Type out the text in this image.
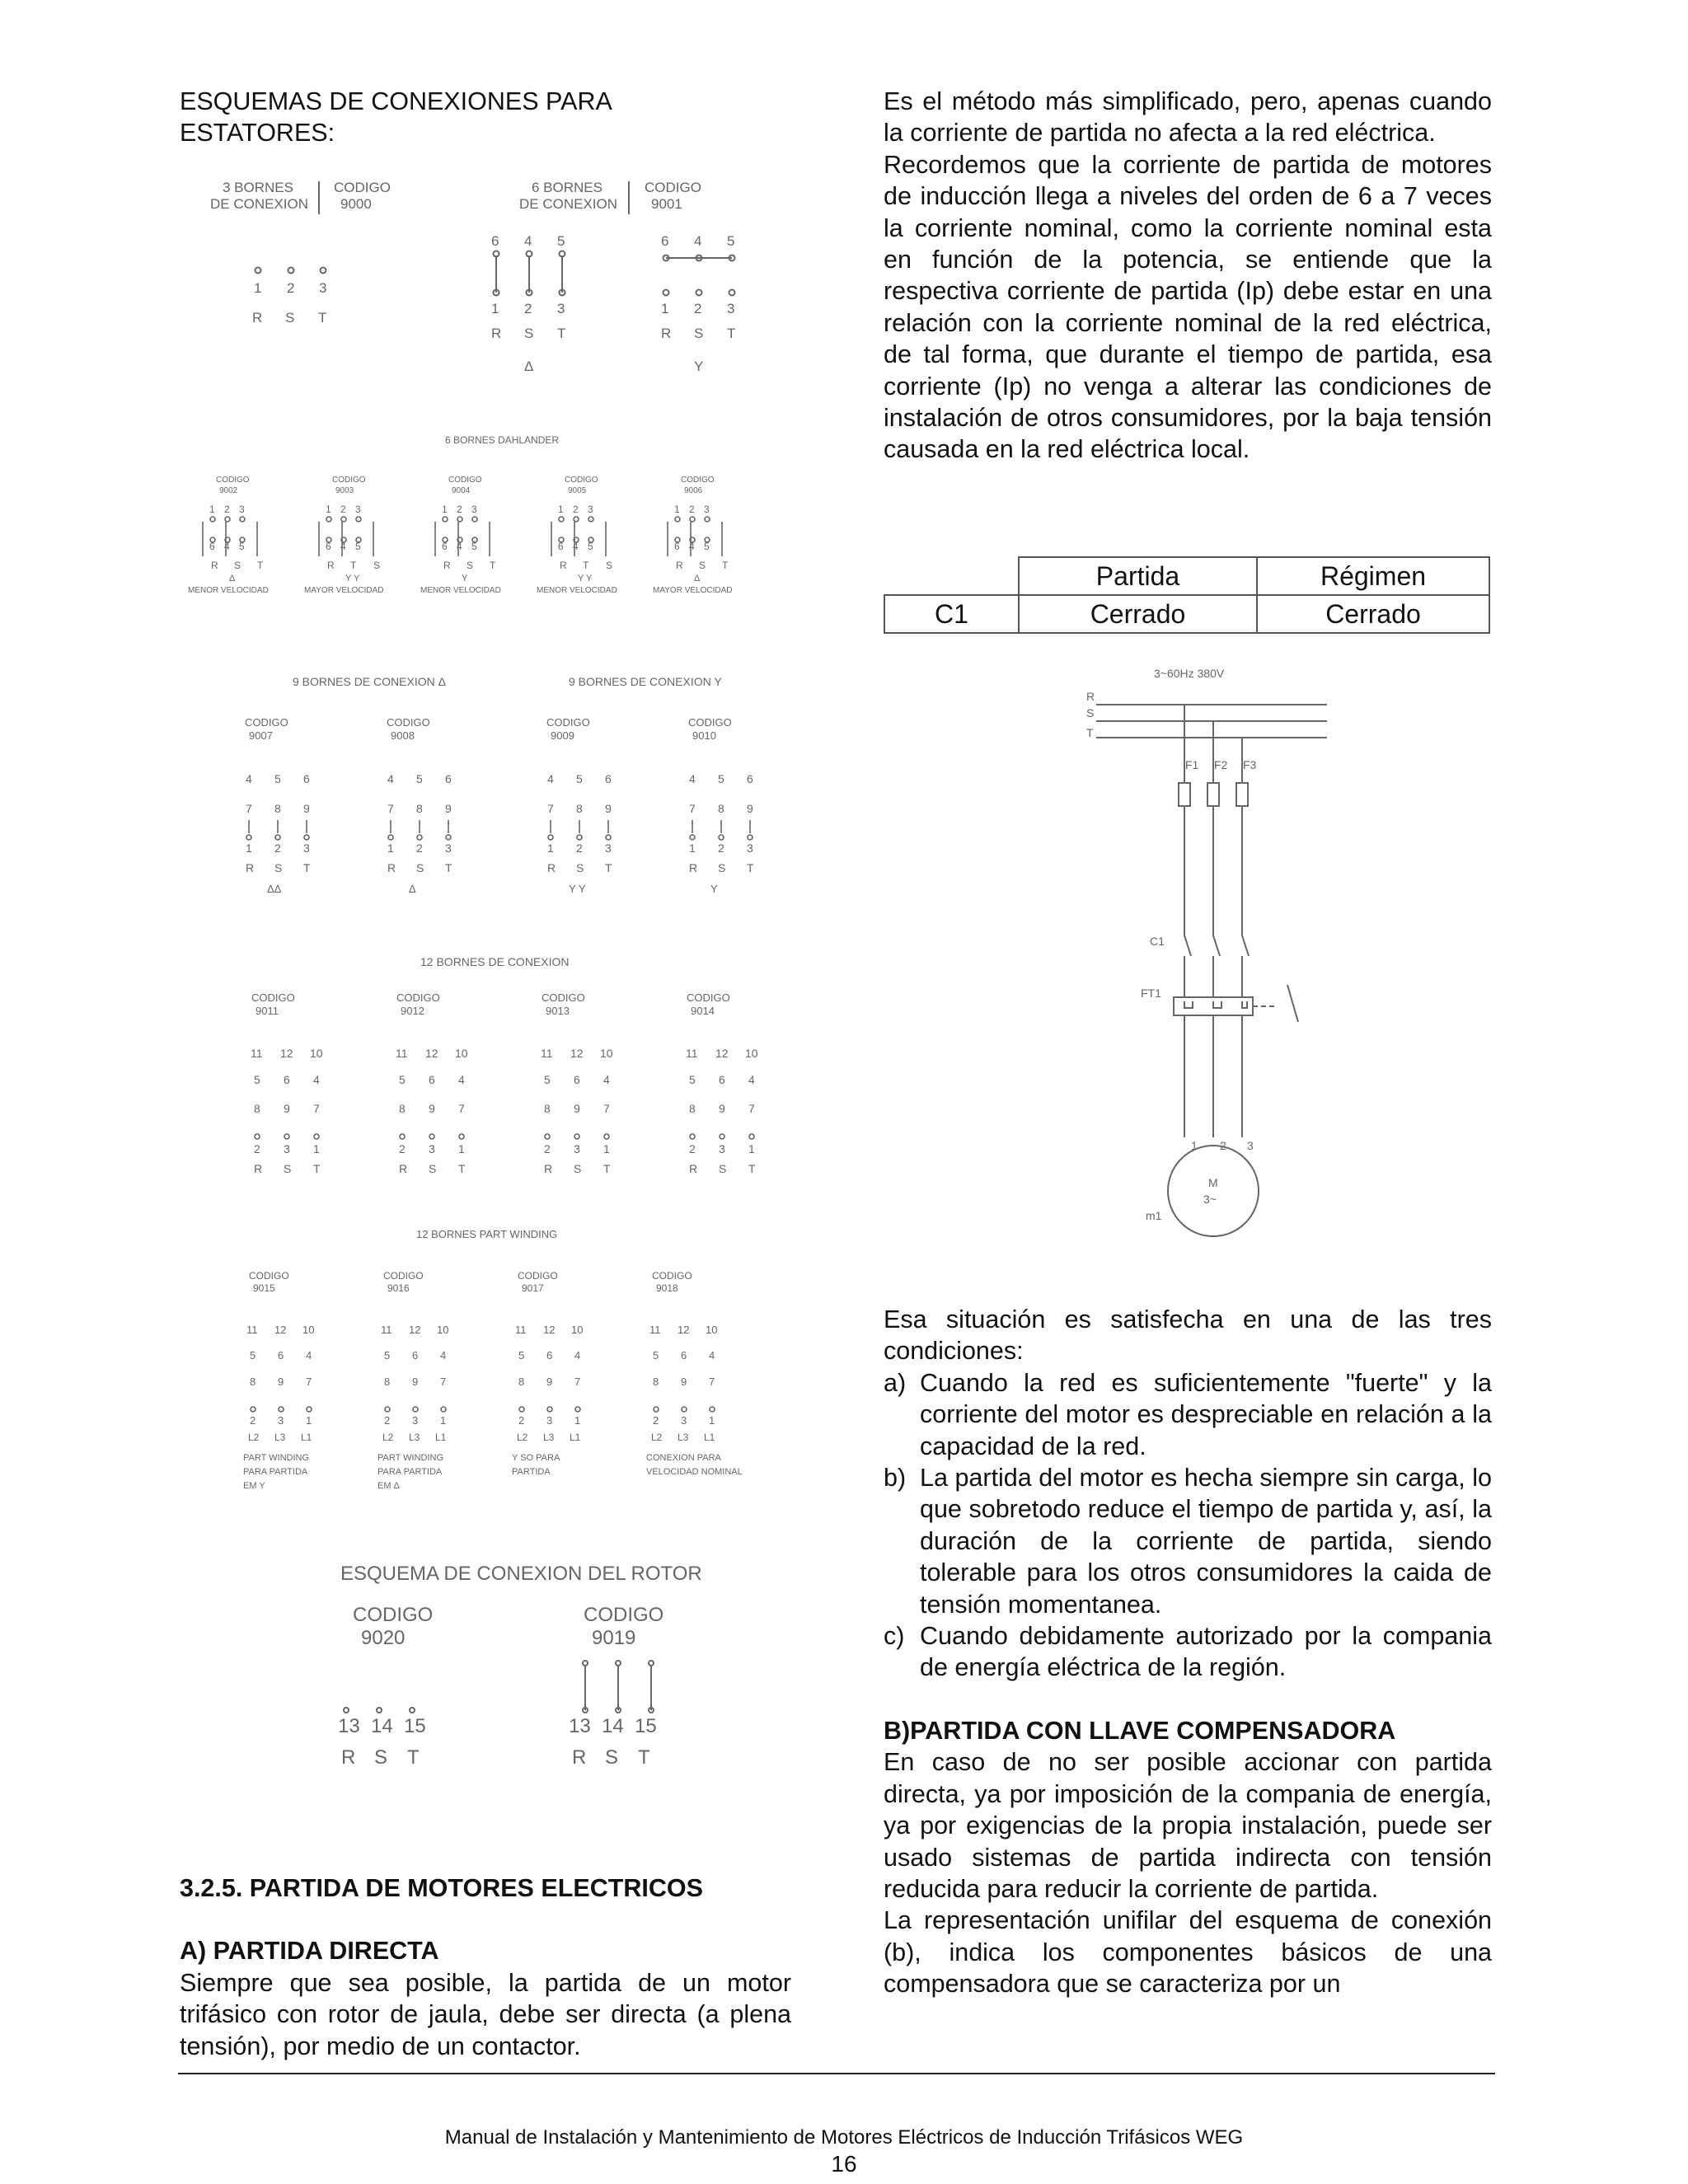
ESQUEMAS DE CONEXIONES PARA ESTATORES:

3 BORNES
DE CONEXION
CODIGO
9000
1 2 3
R S T
6 BORNES
DE CONEXION
CODIGO
9001
6 4 5	6 4 5
1 2 3	1 2 3
R S T	R S T
Δ	Y
6 BORNES DAHLANDER
CODIGO
9002
1 2 3
6 4 5
R S T
Δ
MENOR VELOCIDAD
CODIGO
9003
1 2 3
6 4 5
R T S
Y Y
MAYOR VELOCIDAD
CODIGO
9004
1 2 3
6 4 5
R S T
Y
MENOR VELOCIDAD
CODIGO
9005
1 2 3
6 4 5
R T S
Y Y
MENOR VELOCIDAD
CODIGO
9006
1 2 3
6 4 5
R S T
Δ
MAYOR VELOCIDAD
9 BORNES DE CONEXION Δ	9 BORNES DE CONEXION Y
CODIGO
9007
4 5 6
7 8 9
1 2 3
R S T
ΔΔ
CODIGO
9008
4 5 6
7 8 9
1 2 3
R S T
Δ
CODIGO
9009
4 5 6
7 8 9
1 2 3
R S T
Y Y
CODIGO
9010
4 5 6
7 8 9
1 2 3
R S T
Y
12 BORNES DE CONEXION
CODIGO
9011
11 12 10
5 6 4
8 9 7
2 3 1
R S T
CODIGO
9012
11 12 10
5 6 4
8 9 7
2 3 1
R S T
CODIGO
9013
11 12 10
5 6 4
8 9 7
2 3 1
R S T
CODIGO
9014
11 12 10
5 6 4
8 9 7
2 3 1
R S T
12 BORNES PART WINDING
CODIGO
9015
11 12 10
5 6 4
8 9 7
2 3 1
L2 L3 L1
PART WINDING
PARA PARTIDA
EM Y
CODIGO
9016
11 12 10
5 6 4
8 9 7
2 3 1
L2 L3 L1
PART WINDING
PARA PARTIDA
EM Δ
CODIGO
9017
11 12 10
5 6 4
8 9 7
2 3 1
L2 L3 L1
Y SO PARA
PARTIDA
CODIGO
9018
11 12 10
5 6 4
8 9 7
2 3 1
L2 L3 L1
CONEXION PARA
VELOCIDAD NOMINAL
ESQUEMA DE CONEXION DEL ROTOR
CODIGO
9020
CODIGO
9019
13 14 15	13 14 15
R S T	R S T

3.2.5. PARTIDA DE MOTORES ELECTRICOS

A) PARTIDA DIRECTA

Siempre que sea posible, la partida de un motor trifásico con rotor de jaula, debe ser directa (a plena tensión), por medio de un contactor.

Es el método más simplificado, pero, apenas cuando la corriente de partida no afecta a la red eléctrica.

Recordemos que la corriente de partida de motores de inducción llega a niveles del orden de 6 a 7 veces la corriente nominal, como la corriente nominal esta en función de la potencia, se entiende que la respectiva corriente de partida (Ip) debe estar en una relación con la corriente nominal de la red eléctrica, de tal forma, que durante el tiempo de partida, esa corriente (Ip) no venga a alterar las condiciones de instalación de otros consumidores, por la baja tensión causada en la red eléctrica local.

	Partida	Régimen
C1	Cerrado	Cerrado
3~60Hz 380V
R
S
T
F1 F2 F3
C1
FT1
1 2 3
m1
M
3~

Esa situación es satisfecha en una de las tres condiciones:

a) Cuando la red es suficientemente "fuerte" y la corriente del motor es despreciable en relación a la capacidad de la red.
b) La partida del motor es hecha siempre sin carga, lo que sobretodo reduce el tiempo de partida y, así, la duración de la corriente de partida, siendo tolerable para los otros consumidores la caida de tensión momentanea.
c) Cuando debidamente autorizado por la compania de energía eléctrica de la región.

B)PARTIDA CON LLAVE COMPENSADORA

En caso de no ser posible accionar con partida directa, ya por imposición de la compania de energía, ya por exigencias de la propia instalación, puede ser usado sistemas de partida indirecta con tensión reducida para reducir la corriente de partida.

La representación unifilar del esquema de conexión (b), indica los componentes básicos de una compensadora que se caracteriza por un

Manual de Instalación y Mantenimiento de Motores Eléctricos de Inducción Trifásicos WEG
16
